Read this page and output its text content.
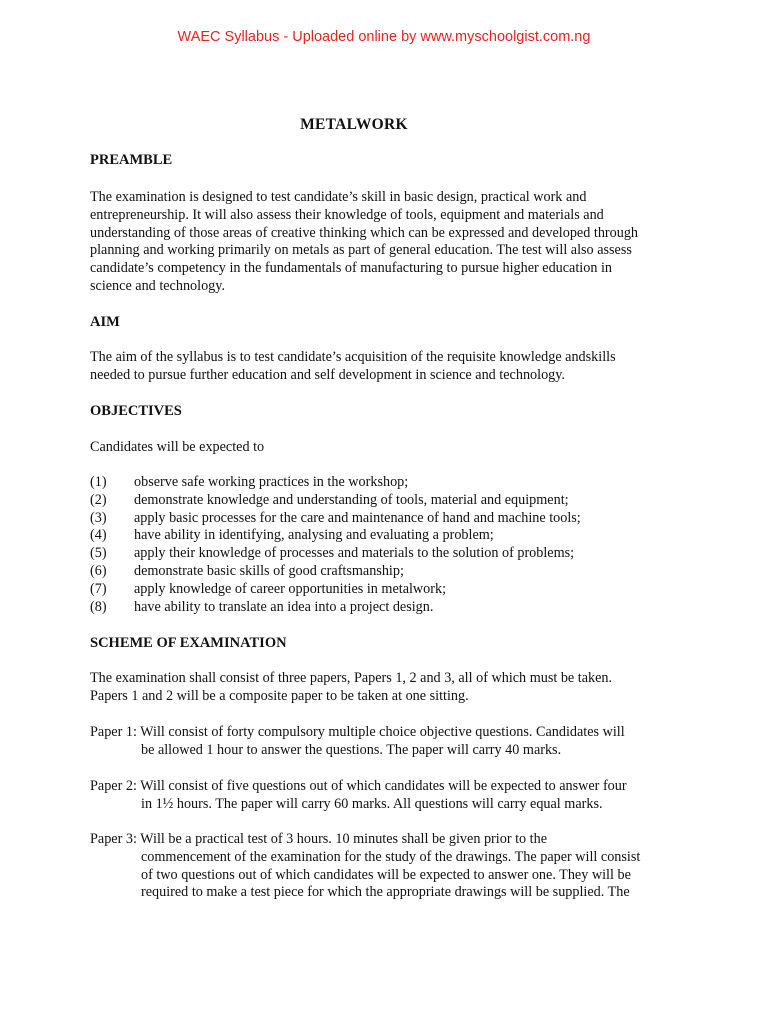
WAEC Syllabus - Uploaded online by www.myschoolgist.com.ng
METALWORK
PREAMBLE

The examination is designed to test candidate’s skill in basic design, practical work and
entrepreneurship. It will also assess their knowledge of tools, equipment and materials and
understanding of those areas of creative thinking which can be expressed and developed through
planning and working primarily on metals as part of general education. The test will also assess
candidate’s competency in the fundamentals of manufacturing to pursue higher education in
science and technology.

AIM

The aim of the syllabus is to test candidate’s acquisition of the requisite knowledge andskills
needed to pursue further education and self development in science and technology.

OBJECTIVES

Candidates will be expected to

(1)	observe safe working practices in the workshop;
(2)	demonstrate knowledge and understanding of tools, material and equipment;
(3)	apply basic processes for the care and maintenance of hand and machine tools;
(4)	have ability in identifying, analysing and evaluating a problem;
(5)	apply their knowledge of processes and materials to the solution of problems;
(6)	demonstrate basic skills of good craftsmanship;
(7)	apply knowledge of career opportunities in metalwork;
(8)	have ability to translate an idea into a project design.
SCHEME OF EXAMINATION

The examination shall consist of three papers, Papers 1, 2 and 3, all of which must be taken.
Papers 1 and 2 will be a composite paper to be taken at one sitting.

Paper 1: Will consist of forty compulsory multiple choice objective questions. Candidates will
be allowed 1 hour to answer the questions. The paper will carry 40 marks.

Paper 2: Will consist of five questions out of which candidates will be expected to answer four
in 1½ hours. The paper will carry 60 marks. All questions will carry equal marks.

Paper 3: Will be a practical test of 3 hours. 10 minutes shall be given prior to the
commencement of the examination for the study of the drawings. The paper will consist
of two questions out of which candidates will be expected to answer one. They will be
required to make a test piece for which the appropriate drawings will be supplied. The
